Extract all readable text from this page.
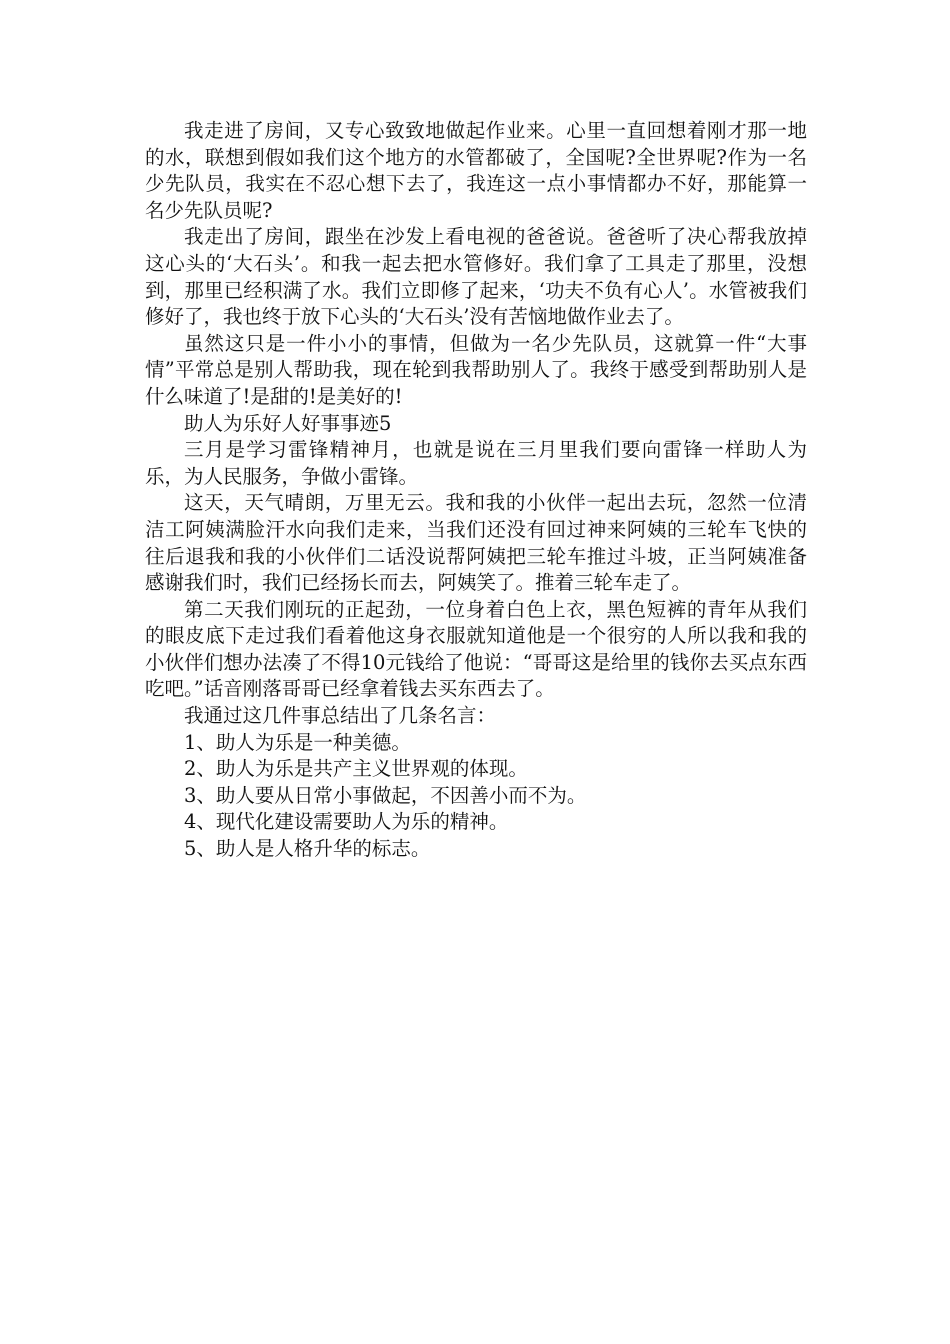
我走进了房间，又专心致致地做起作业来。心里一直回想着刚才那一地的水，联想到假如我们这个地方的水管都破了，全国呢?全世界呢?作为一名少先队员，我实在不忍心想下去了，我连这一点小事情都办不好，那能算一名少先队员呢?

我走出了房间，跟坐在沙发上看电视的爸爸说。爸爸听了决心帮我放掉这心头的‘大石头’。和我一起去把水管修好。我们拿了工具走了那里，没想到，那里已经积满了水。我们立即修了起来，‘功夫不负有心人’。水管被我们修好了，我也终于放下心头的‘大石头’没有苦恼地做作业去了。

虽然这只是一件小小的事情，但做为一名少先队员，这就算一件“大事情”平常总是别人帮助我，现在轮到我帮助别人了。我终于感受到帮助别人是什么味道了!是甜的!是美好的!

助人为乐好人好事事迹5

三月是学习雷锋精神月，也就是说在三月里我们要向雷锋一样助人为乐，为人民服务，争做小雷锋。

这天，天气晴朗，万里无云。我和我的小伙伴一起出去玩，忽然一位清洁工阿姨满脸汗水向我们走来，当我们还没有回过神来阿姨的三轮车飞快的往后退我和我的小伙伴们二话没说帮阿姨把三轮车推过斗坡，正当阿姨准备感谢我们时，我们已经扬长而去，阿姨笑了。推着三轮车走了。

第二天我们刚玩的正起劲，一位身着白色上衣，黑色短裤的青年从我们的眼皮底下走过我们看着他这身衣服就知道他是一个很穷的人所以我和我的小伙伴们想办法凑了不得10元钱给了他说：“哥哥这是给里的钱你去买点东西吃吧。”话音刚落哥哥已经拿着钱去买东西去了。

我通过这几件事总结出了几条名言：

1、助人为乐是一种美德。

2、助人为乐是共产主义世界观的体现。

3、助人要从日常小事做起，不因善小而不为。

4、现代化建设需要助人为乐的精神。

5、助人是人格升华的标志。
